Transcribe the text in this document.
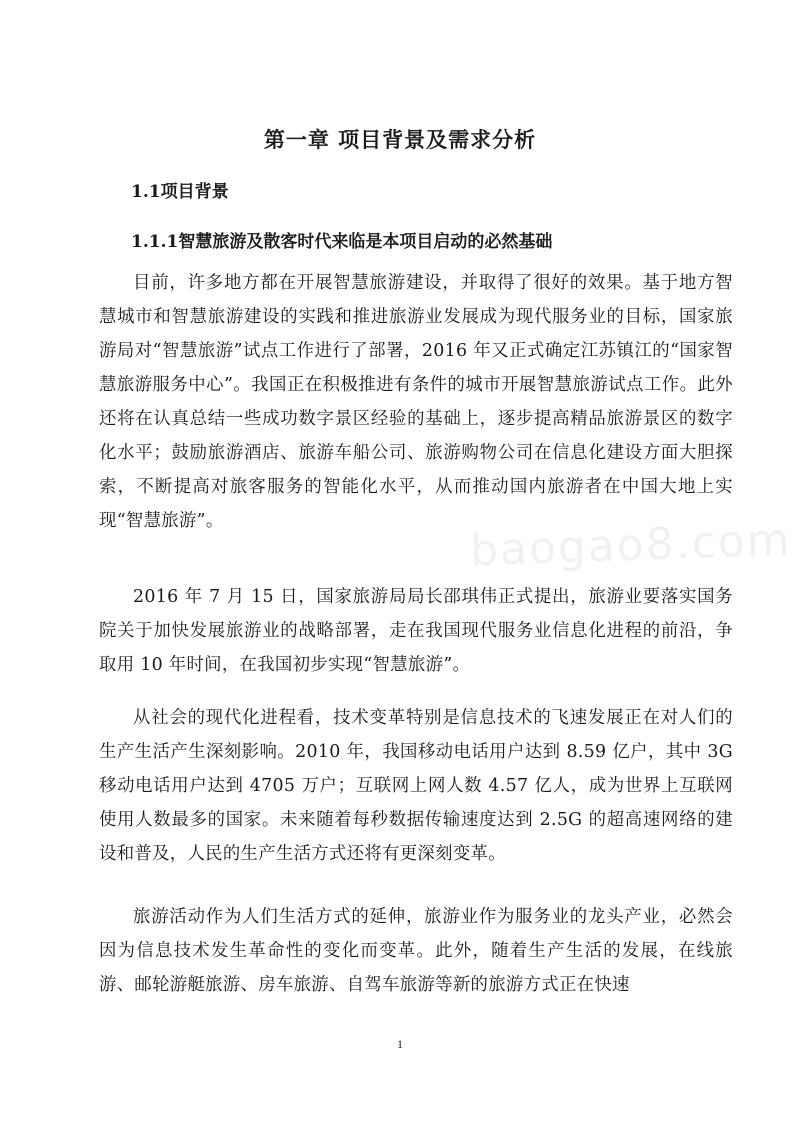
第一章 项目背景及需求分析
1.1项目背景
1.1.1智慧旅游及散客时代来临是本项目启动的必然基础

目前，许多地方都在开展智慧旅游建设，并取得了很好的效果。基于地方智慧城市和智慧旅游建设的实践和推进旅游业发展成为现代服务业的目标，国家旅游局对“智慧旅游”试点工作进行了部署，2016 年又正式确定江苏镇江的“国家智慧旅游服务中心”。我国正在积极推进有条件的城市开展智慧旅游试点工作。此外还将在认真总结一些成功数字景区经验的基础上，逐步提高精品旅游景区的数字化水平；鼓励旅游酒店、旅游车船公司、旅游购物公司在信息化建设方面大胆探索，不断提高对旅客服务的智能化水平，从而推动国内旅游者在中国大地上实现“智慧旅游”。

2016 年 7 月 15 日，国家旅游局局长邵琪伟正式提出，旅游业要落实国务院关于加快发展旅游业的战略部署，走在我国现代服务业信息化进程的前沿，争取用 10 年时间，在我国初步实现“智慧旅游”。

从社会的现代化进程看，技术变革特别是信息技术的飞速发展正在对人们的生产生活产生深刻影响。2010 年，我国移动电话用户达到 8.59 亿户，其中 3G 移动电话用户达到 4705 万户；互联网上网人数 4.57 亿人，成为世界上互联网使用人数最多的国家。未来随着每秒数据传输速度达到 2.5G 的超高速网络的建设和普及，人民的生产生活方式还将有更深刻变革。

旅游活动作为人们生活方式的延伸，旅游业作为服务业的龙头产业，必然会因为信息技术发生革命性的变化而变革。此外，随着生产生活的发展，在线旅游、邮轮游艇旅游、房车旅游、自驾车旅游等新的旅游方式正在快速

baogao8.com

1
